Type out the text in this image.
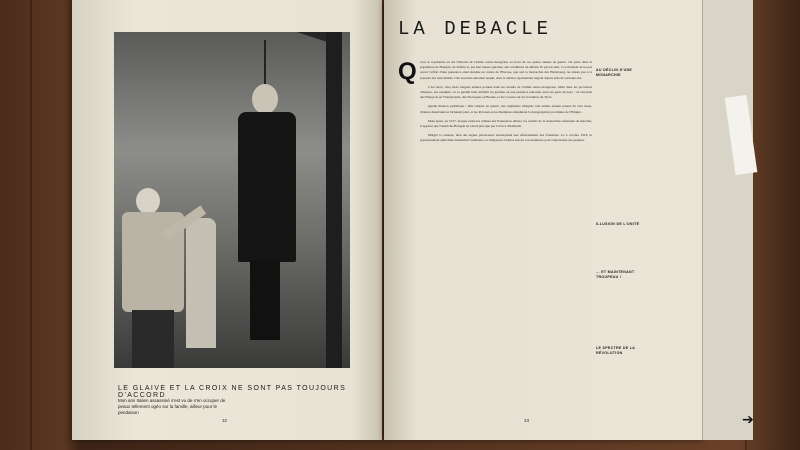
LE GLAIVE ET LA CROIX NE SONT PAS TOUJOURS D'ACCORD
Mon ami Italien assassiné s'est vu de s'en occuper de peaux tellement ogéo sur la famille, ailleur pour le pendaison
32
LA DEBACLE
Q u'on se représente en été l'histoire de l'armée austro-hongroise au front de ces quatre années de guerre. On parle dans la population de Hongrie, de défaite et, par leur nature spéciale, aux conditions de défaite. Et pas un seul, à ce moment de ne pas savoir l'effort d'une puissance ainsi étendue au centre de l'Europe, que soit la monarchie des Habsbourg, ne résista pas à la poussée des nationalités. Une nouvelle situation naquit, dont le dernier représentant régnait depuis plus de soixante ans.

C'est alors, cinq mois longues années portées dans les avenirs de l'armée austro-hongroise. Mais dans les provinces tchèques, par exemple, on se gardait bien d'établir un gardien ou une présence nationale pour les gens du pays ; on envoyait des Hongrois en Transylvanie, des Slovaques en Bosnie, et les Croates sur les frontières du Tyrol.

Quelle illusion pathétique ! Dès l'entrée en guerre, des régiments tchèques tout entiers étaient passés du côté russe, d'autres désertaient et lâchaient pied, et les Polonais et les Ruthènes attendaient la désagrégation prochaine de l'Empire.

Mais après, en 1917, lorsque entre les armées des Puissances alliées, les soldats de la monarchie refusèrent de marcher, il apparut que l'Autriche-Hongrie ne vivait plus que par la force d'habitude.

Malgré la censure, bien des signes précurseurs annonçaient une effondrement des frontières. Le 4 octobre 1918, le gouvernement autrichien demandait l'armistice, et l'empereur Charles lançait son manifeste pour l'autonomie des peuples.

AU DÉCLIN D'UNE MONARCHIE
ILLUSION DE L'UNITÉ
... ET MAINTENANT TROUPEAU !
LE SPECTRE DE LA RÉVOLUTION
33	➔
